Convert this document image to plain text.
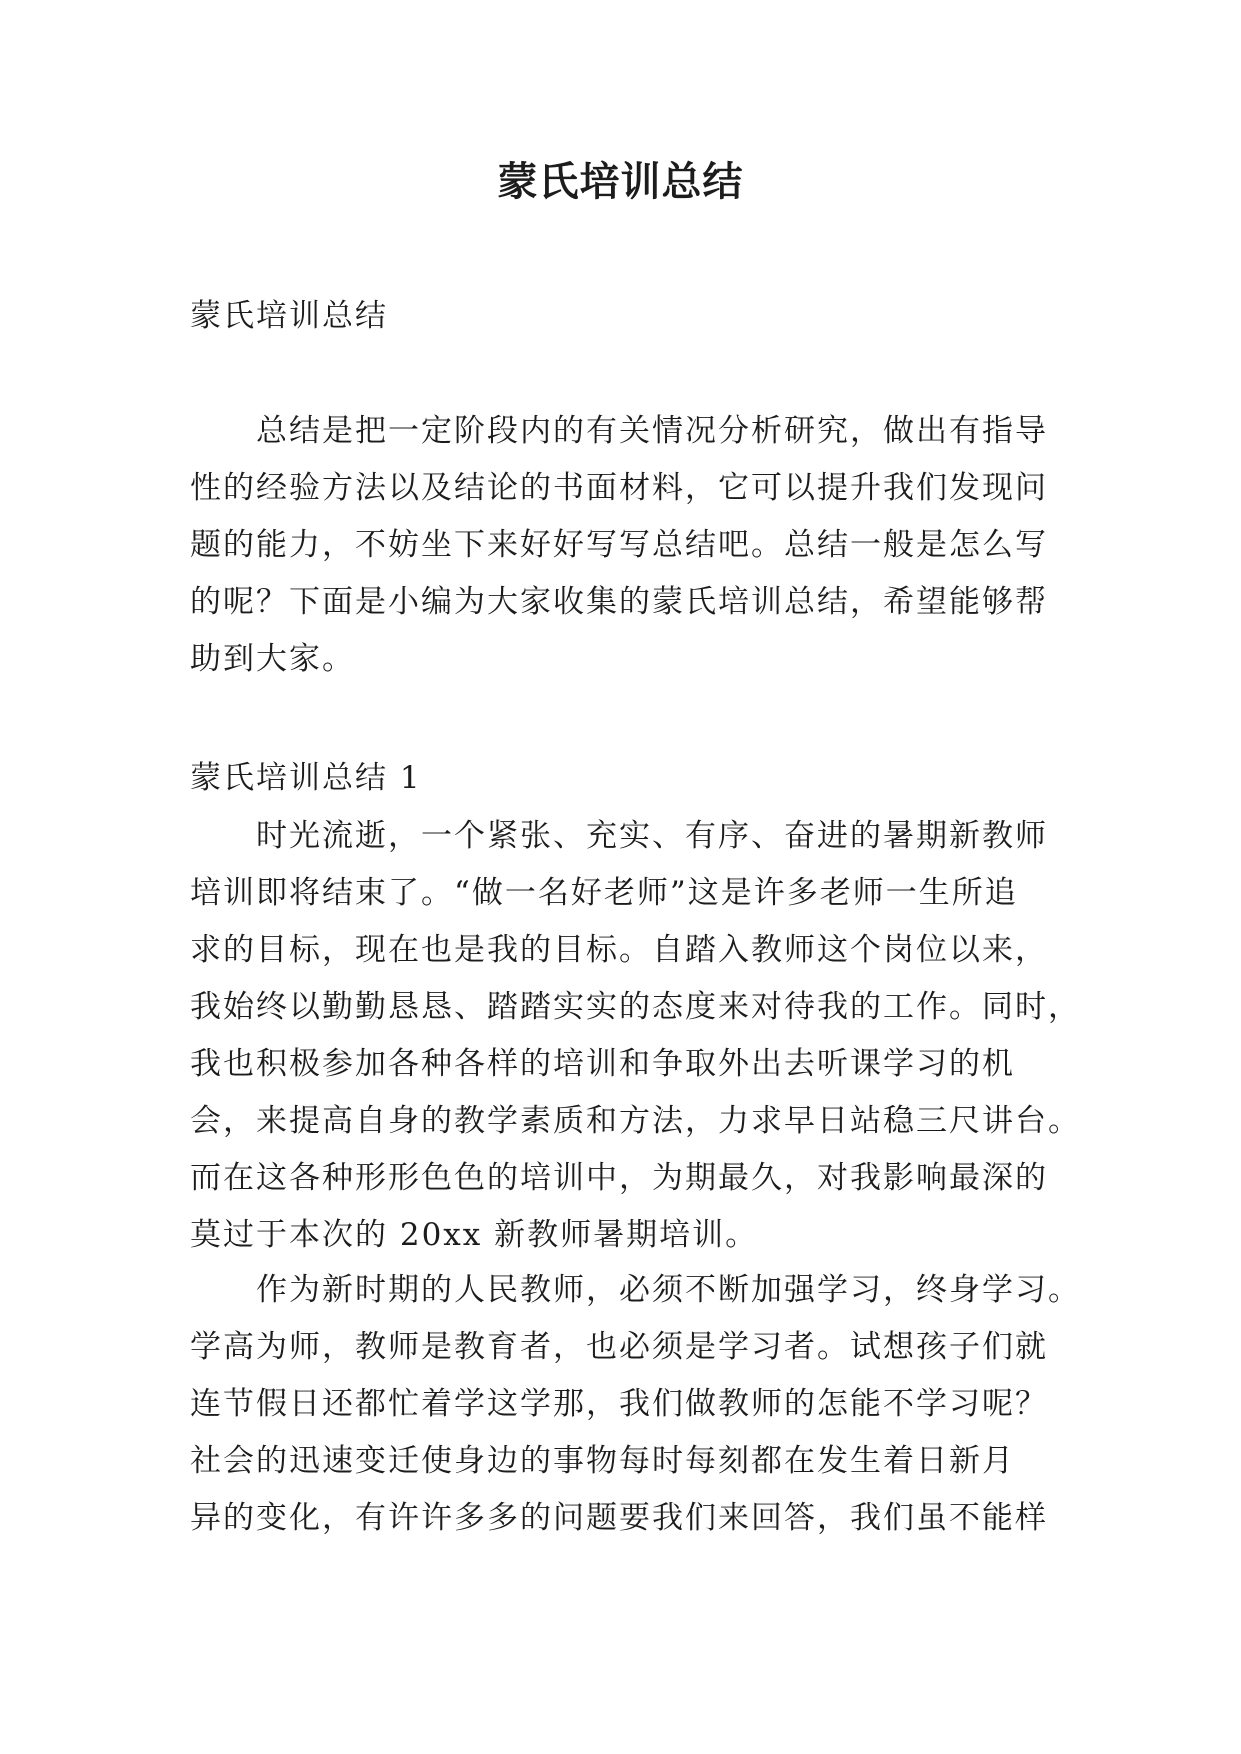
蒙氏培训总结

蒙氏培训总结

总结是把一定阶段内的有关情况分析研究，做出有指导
性的经验方法以及结论的书面材料，它可以提升我们发现问
题的能力，不妨坐下来好好写写总结吧。总结一般是怎么写
的呢？下面是小编为大家收集的蒙氏培训总结，希望能够帮
助到大家。
蒙氏培训总结 1
时光流逝，一个紧张、充实、有序、奋进的暑期新教师
培训即将结束了。“做一名好老师”这是许多老师一生所追
求的目标，现在也是我的目标。自踏入教师这个岗位以来，
我始终以勤勤恳恳、踏踏实实的态度来对待我的工作。同时，
我也积极参加各种各样的培训和争取外出去听课学习的机
会，来提高自身的教学素质和方法，力求早日站稳三尺讲台。
而在这各种形形色色的培训中，为期最久，对我影响最深的
莫过于本次的 20xx 新教师暑期培训。
作为新时期的人民教师，必须不断加强学习，终身学习。
学高为师，教师是教育者，也必须是学习者。试想孩子们就
连节假日还都忙着学这学那，我们做教师的怎能不学习呢？
社会的迅速变迁使身边的事物每时每刻都在发生着日新月
异的变化，有许许多多的问题要我们来回答，我们虽不能样
